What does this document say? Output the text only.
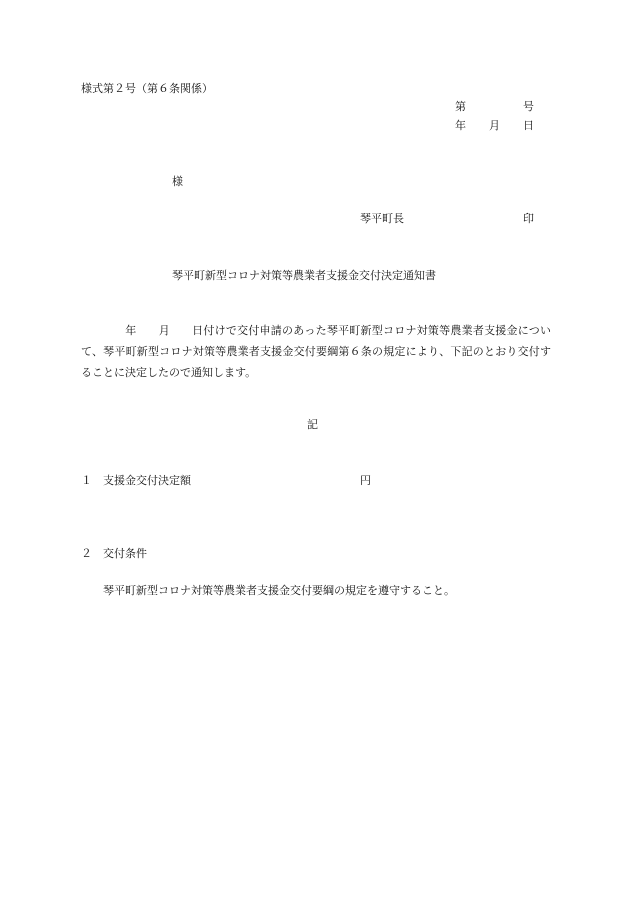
様式第２号（第６条関係）
第	号
年 月 日
様
琴平町長	印
琴平町新型コロナ対策等農業者支援金交付決定通知書
年 月 日付けで交付申請のあった琴平町新型コロナ対策等農業者支援金について、琴平町新型コロナ対策等農業者支援金交付要綱第６条の規定により、下記のとおり交付することに決定したので通知します。
記
１ 支援金交付決定額	円
２ 交付条件
琴平町新型コロナ対策等農業者支援金交付要綱の規定を遵守すること。
